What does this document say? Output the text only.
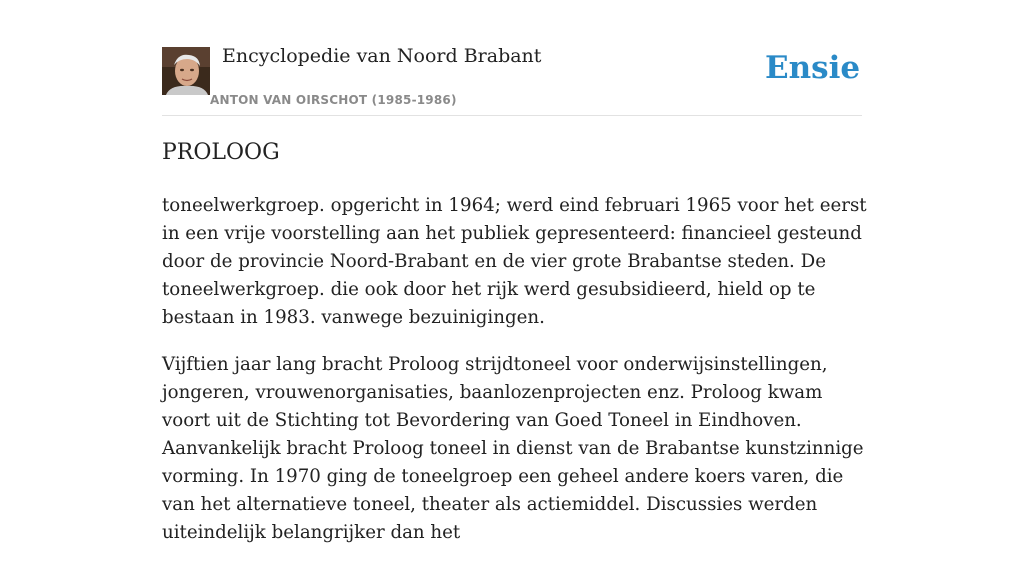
Encyclopedie van Noord Brabant
ANTON VAN OIRSCHOT (1985-1986)
Ensie
PROLOOG

toneelwerkgroep. opgericht in 1964; werd eind februari 1965 voor het eerst in een vrije voorstelling aan het publiek gepresenteerd: financieel gesteund door de provincie Noord-Brabant en de vier grote Brabantse steden. De toneelwerkgroep. die ook door het rijk werd gesubsidieerd, hield op te bestaan in 1983. vanwege bezuinigingen.

Vijftien jaar lang bracht Proloog strijdtoneel voor onderwijsinstellingen, jongeren, vrouwenorganisaties, baanlozenprojecten enz. Proloog kwam voort uit de Stichting tot Bevordering van Goed Toneel in Eindhoven. Aanvankelijk bracht Proloog toneel in dienst van de Brabantse kunstzinnige vorming. In 1970 ging de toneelgroep een geheel andere koers varen, die van het alternatieve toneel, theater als actiemiddel. Discussies werden uiteindelijk belangrijker dan het
